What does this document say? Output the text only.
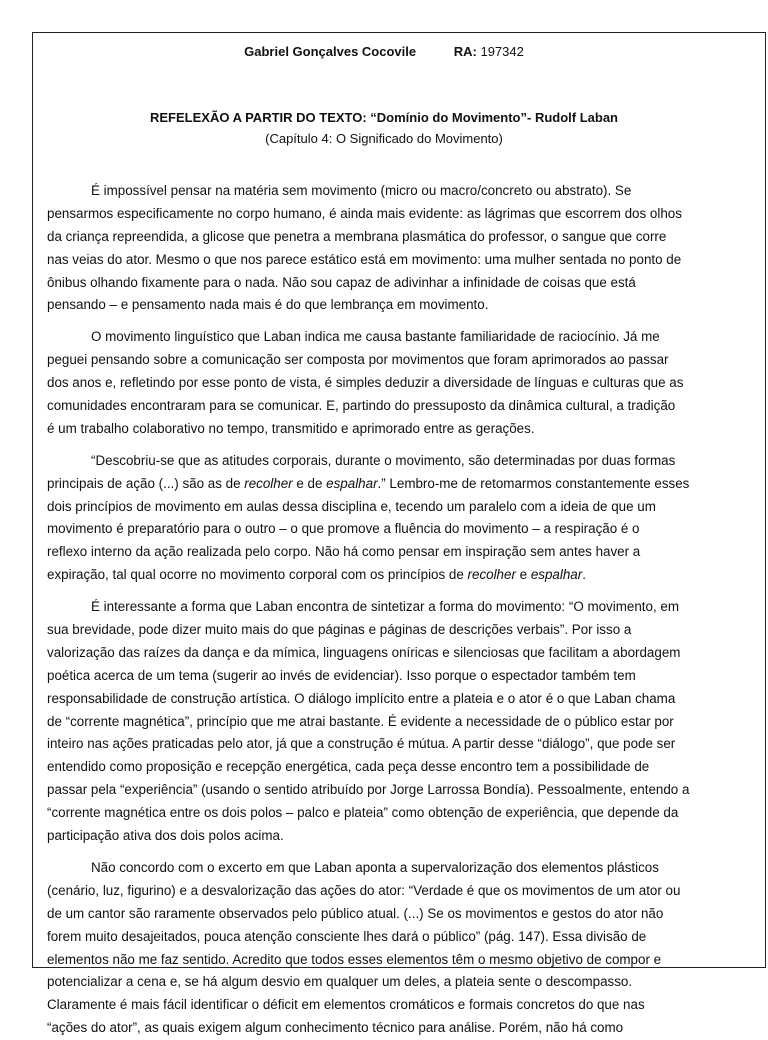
Gabriel Gonçalves Cocovile	RA: 197342
REFELEXÃO A PARTIR DO TEXTO: “Domínio do Movimento”- Rudolf Laban
(Capítulo 4: O Significado do Movimento)
É impossível pensar na matéria sem movimento (micro ou macro/concreto ou abstrato). Se
pensarmos especificamente no corpo humano, é ainda mais evidente: as lágrimas que escorrem dos olhos
da criança repreendida, a glicose que penetra a membrana plasmática do professor, o sangue que corre
nas veias do ator. Mesmo o que nos parece estático está em movimento: uma mulher sentada no ponto de
ônibus olhando fixamente para o nada. Não sou capaz de adivinhar a infinidade de coisas que está
pensando – e pensamento nada mais é do que lembrança em movimento.
O movimento linguístico que Laban indica me causa bastante familiaridade de raciocínio. Já me
peguei pensando sobre a comunicação ser composta por movimentos que foram aprimorados ao passar
dos anos e, refletindo por esse ponto de vista, é simples deduzir a diversidade de línguas e culturas que as
comunidades encontraram para se comunicar. E, partindo do pressuposto da dinâmica cultural, a tradição
é um trabalho colaborativo no tempo, transmitido e aprimorado entre as gerações.
“Descobriu-se que as atitudes corporais, durante o movimento, são determinadas por duas formas
principais de ação (...) são as de recolher e de espalhar.” Lembro-me de retomarmos constantemente esses
dois princípios de movimento em aulas dessa disciplina e, tecendo um paralelo com a ideia de que um
movimento é preparatório para o outro – o que promove a fluência do movimento – a respiração é o
reflexo interno da ação realizada pelo corpo. Não há como pensar em inspiração sem antes haver a
expiração, tal qual ocorre no movimento corporal com os princípios de recolher e espalhar.
É interessante a forma que Laban encontra de sintetizar a forma do movimento: “O movimento, em
sua brevidade, pode dizer muito mais do que páginas e páginas de descrições verbais”. Por isso a
valorização das raízes da dança e da mímica, linguagens oníricas e silenciosas que facilitam a abordagem
poética acerca de um tema (sugerir ao invés de evidenciar). Isso porque o espectador também tem
responsabilidade de construção artística. O diálogo implícito entre a plateia e o ator é o que Laban chama
de “corrente magnética”, princípio que me atrai bastante. É evidente a necessidade de o público estar por
inteiro nas ações praticadas pelo ator, já que a construção é mútua. A partir desse “diálogo”, que pode ser
entendido como proposição e recepção energética, cada peça desse encontro tem a possibilidade de
passar pela “experiência” (usando o sentido atribuído por Jorge Larrossa Bondía). Pessoalmente, entendo a
“corrente magnética entre os dois polos – palco e plateia” como obtenção de experiência, que depende da
participação ativa dos dois polos acima.
Não concordo com o excerto em que Laban aponta a supervalorização dos elementos plásticos
(cenário, luz, figurino) e a desvalorização das ações do ator: “Verdade é que os movimentos de um ator ou
de um cantor são raramente observados pelo público atual. (...) Se os movimentos e gestos do ator não
forem muito desajeitados, pouca atenção consciente lhes dará o público” (pág. 147). Essa divisão de
elementos não me faz sentido. Acredito que todos esses elementos têm o mesmo objetivo de compor e
potencializar a cena e, se há algum desvio em qualquer um deles, a plateia sente o descompasso.
Claramente é mais fácil identificar o déficit em elementos cromáticos e formais concretos do que nas
“ações do ator”, as quais exigem algum conhecimento técnico para análise. Porém, não há como
